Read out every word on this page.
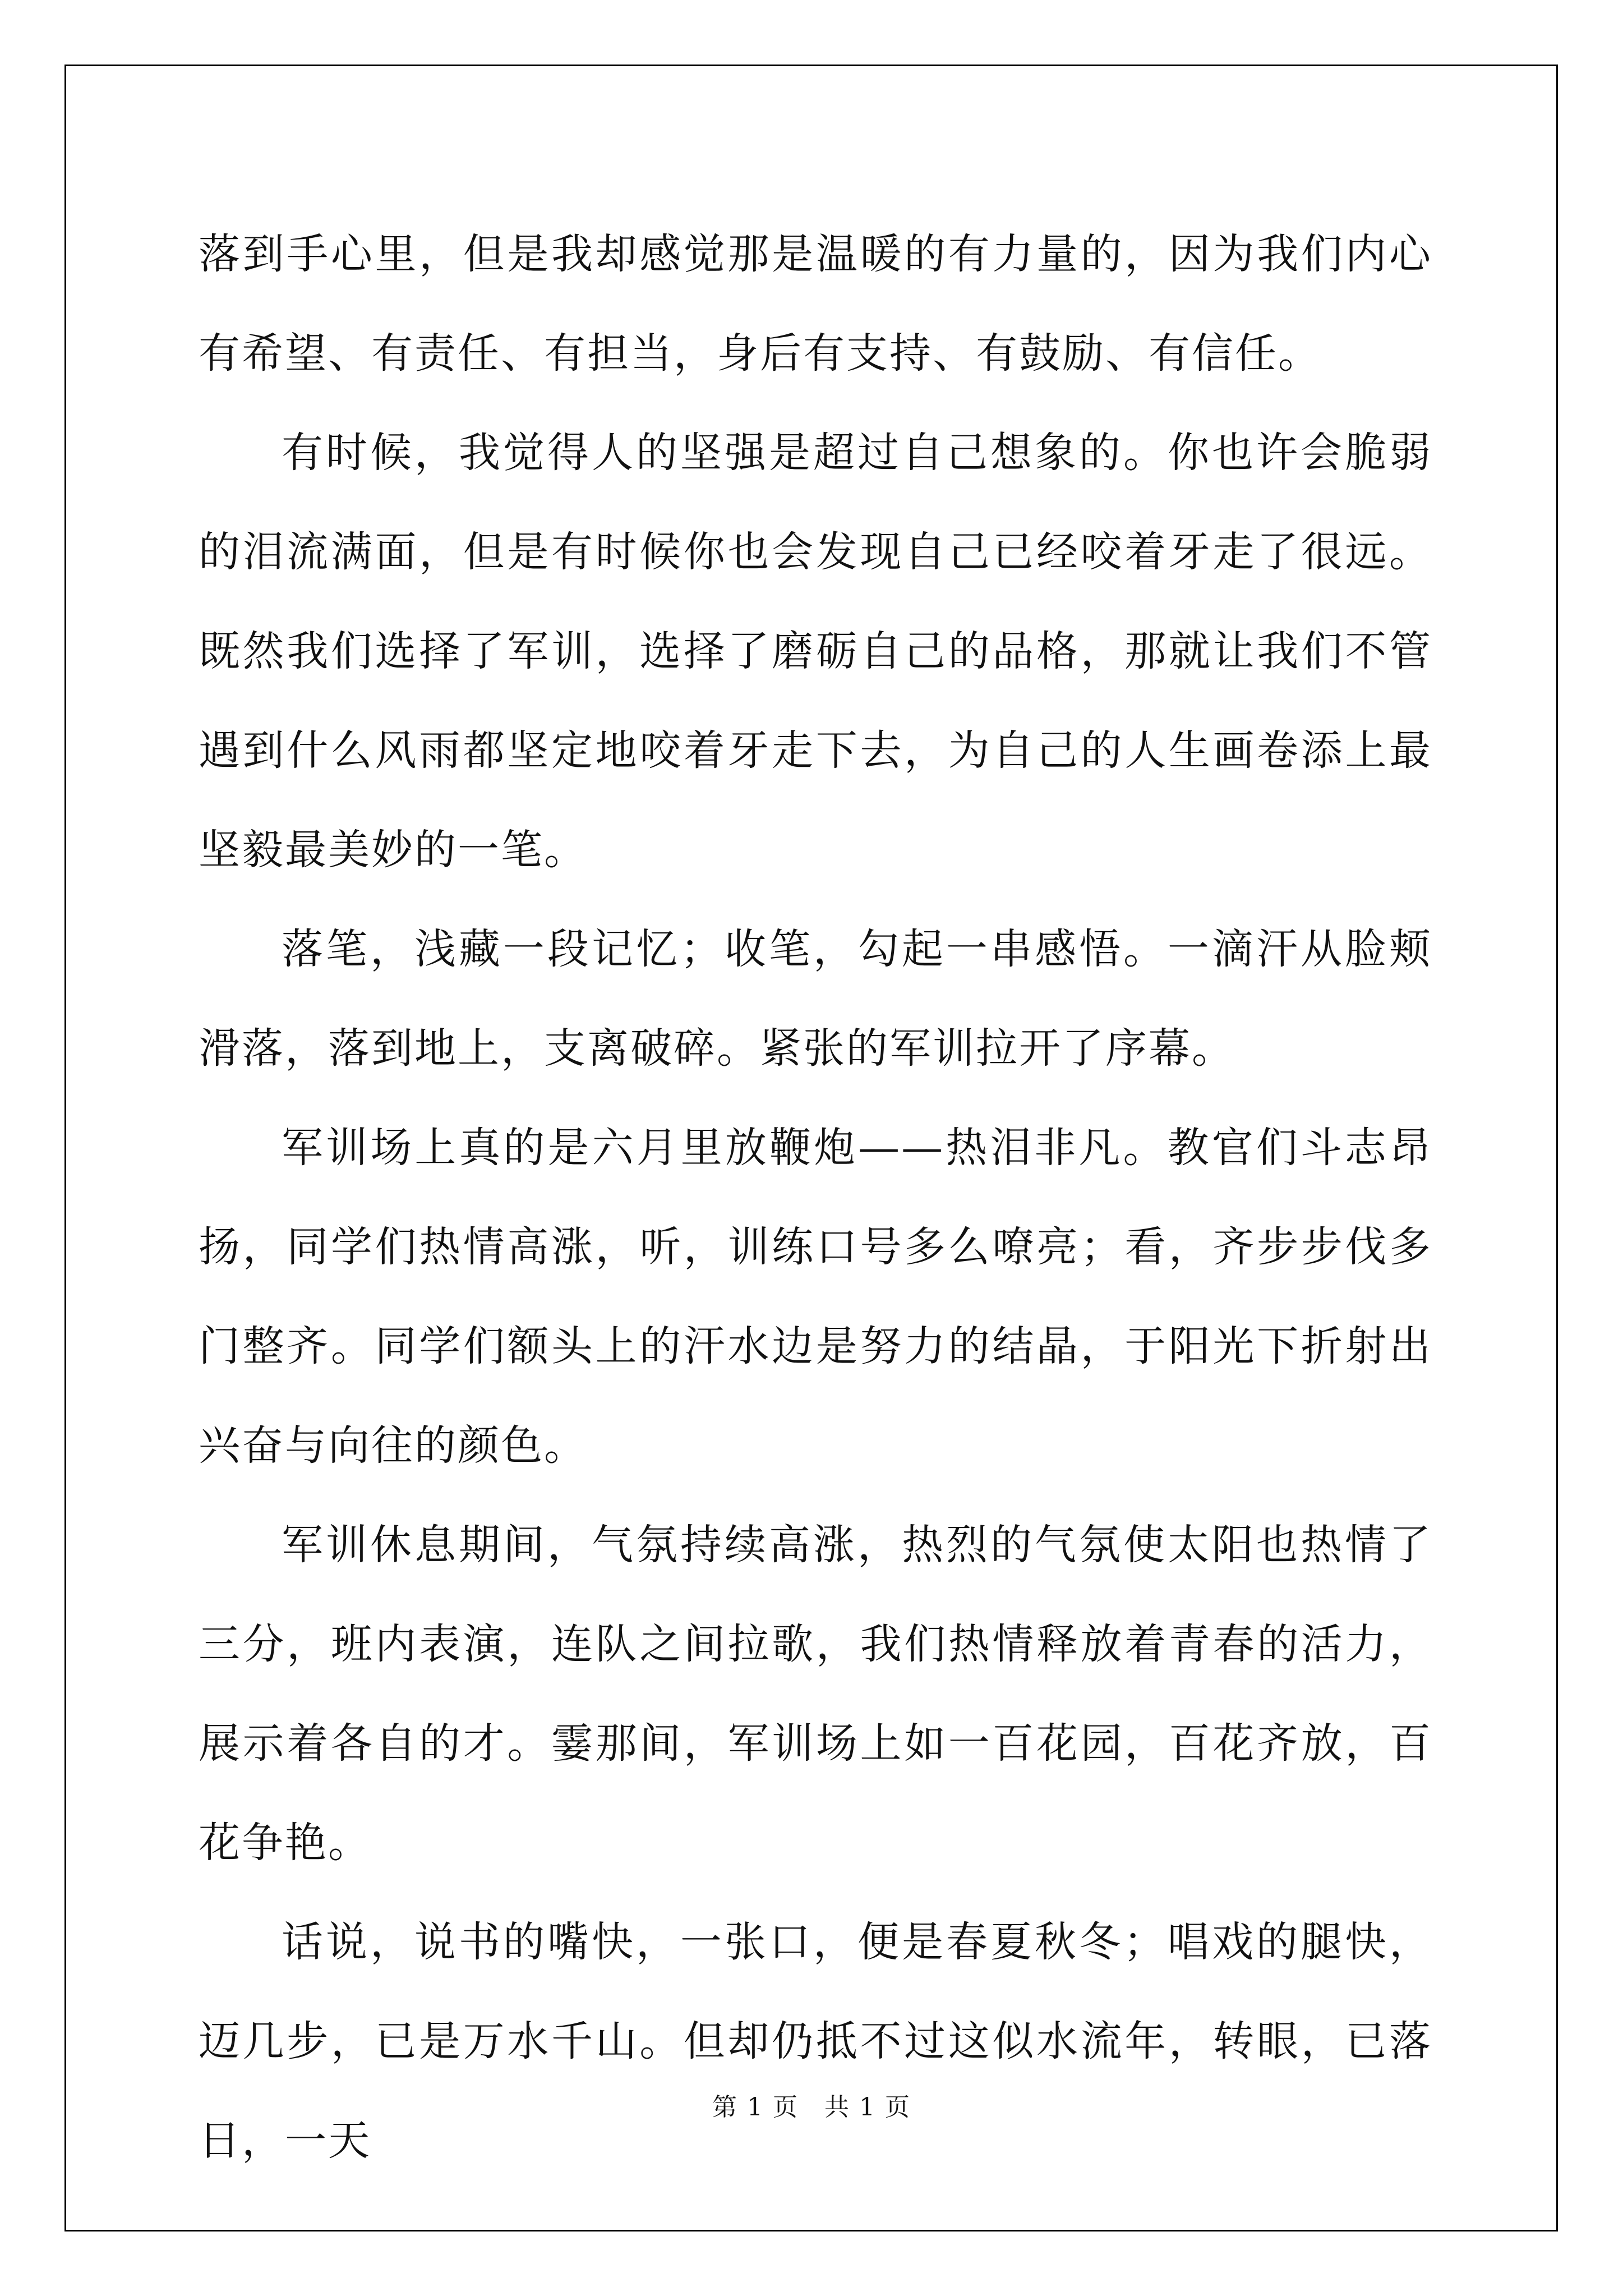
落到手心里，但是我却感觉那是温暖的有力量的，因为我们内心有希望、有责任、有担当，身后有支持、有鼓励、有信任。

有时候，我觉得人的坚强是超过自己想象的。你也许会脆弱的泪流满面，但是有时候你也会发现自己已经咬着牙走了很远。既然我们选择了军训，选择了磨砺自己的品格，那就让我们不管遇到什么风雨都坚定地咬着牙走下去，为自己的人生画卷添上最坚毅最美妙的一笔。

落笔，浅藏一段记忆；收笔，勾起一串感悟。一滴汗从脸颊滑落，落到地上，支离破碎。紧张的军训拉开了序幕。

军训场上真的是六月里放鞭炮——热泪非凡。教官们斗志昂扬，同学们热情高涨，听，训练口号多么嘹亮；看，齐步步伐多门整齐。同学们额头上的汗水边是努力的结晶，于阳光下折射出兴奋与向往的颜色。

军训休息期间，气氛持续高涨，热烈的气氛使太阳也热情了三分，班内表演，连队之间拉歌，我们热情释放着青春的活力，展示着各自的才。霎那间，军训场上如一百花园，百花齐放，百花争艳。

话说，说书的嘴快，一张口，便是春夏秋冬；唱戏的腿快，迈几步，已是万水千山。但却仍抵不过这似水流年，转眼，已落日，一天

第 1 页　共 1 页
